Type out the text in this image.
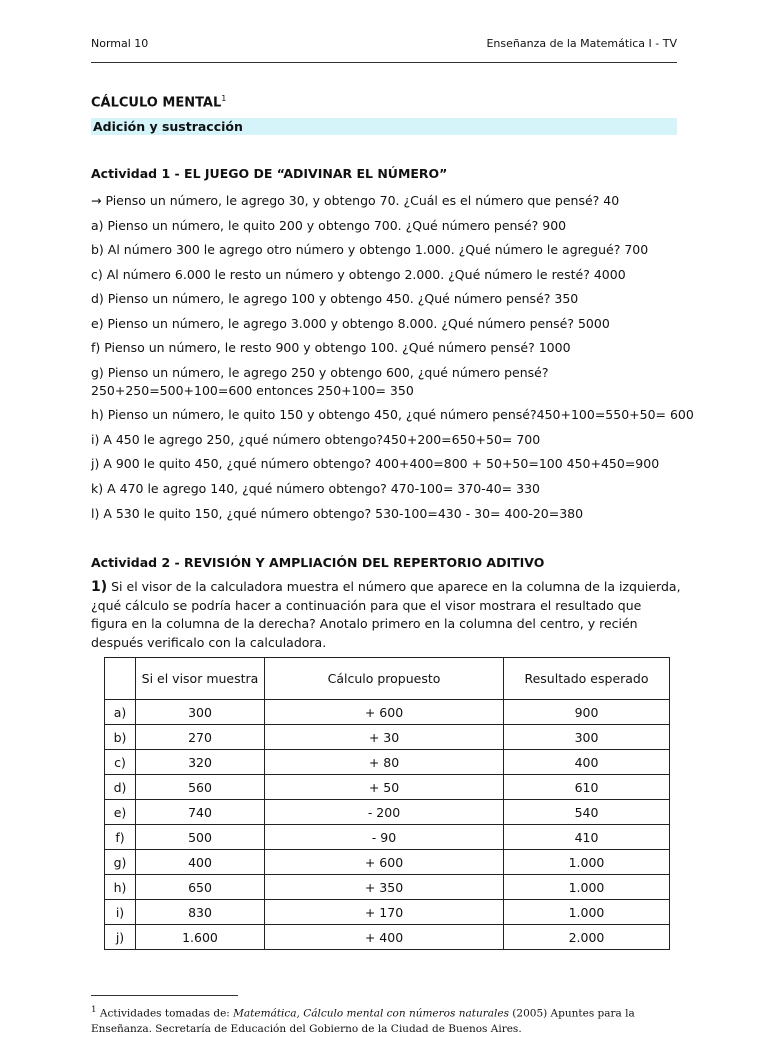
Normal 10	Enseñanza de la Matemática I - TV
CÁLCULO MENTAL$^1$
Adición y sustracción
Actividad 1 - EL JUEGO DE “ADIVINAR EL NÚMERO”
→ Pienso un número, le agrego 30, y obtengo 70. ¿Cuál es el número que pensé? 40
a) Pienso un número, le quito 200 y obtengo 700. ¿Qué número pensé? 900
b) Al número 300 le agrego otro número y obtengo 1.000. ¿Qué número le agregué? 700
c) Al número 6.000 le resto un número y obtengo 2.000. ¿Qué número le resté? 4000
d) Pienso un número, le agrego 100 y obtengo 450. ¿Qué número pensé? 350
e) Pienso un número, le agrego 3.000 y obtengo 8.000. ¿Qué número pensé? 5000
f) Pienso un número, le resto 900 y obtengo 100. ¿Qué número pensé? 1000
g) Pienso un número, le agrego 250 y obtengo 600, ¿qué número pensé?
250+250=500+100=600 entonces 250+100= 350
h) Pienso un número, le quito 150 y obtengo 450, ¿qué número pensé?450+100=550+50= 600
i) A 450 le agrego 250, ¿qué número obtengo?450+200=650+50= 700
j) A 900 le quito 450, ¿qué número obtengo? 400+400=800 + 50+50=100 450+450=900
k) A 470 le agrego 140, ¿qué número obtengo? 470-100= 370-40= 330
l) A 530 le quito 150, ¿qué número obtengo? 530-100=430 - 30= 400-20=380
Actividad 2 - REVISIÓN Y AMPLIACIÓN DEL REPERTORIO ADITIVO
1) Si el visor de la calculadora muestra el número que aparece en la columna de la izquierda, ¿qué cálculo se podría hacer a continuación para que el visor mostrara el resultado que figura en la columna de la derecha? Anotalo primero en la columna del centro, y recién después verificalo con la calculadora.
	Si el visor muestra	Cálculo propuesto	Resultado esperado
a)	300	+ 600	900
b)	270	+ 30	300
c)	320	+ 80	400
d)	560	+ 50	610
e)	740	- 200	540
f)	500	- 90	410
g)	400	+ 600	1.000
h)	650	+ 350	1.000
i)	830	+ 170	1.000
j)	1.600	+ 400	2.000
$^1$ Actividades tomadas de: Matemática, Cálculo mental con números naturales (2005) Apuntes para la Enseñanza. Secretaría de Educación del Gobierno de la Ciudad de Buenos Aires.
